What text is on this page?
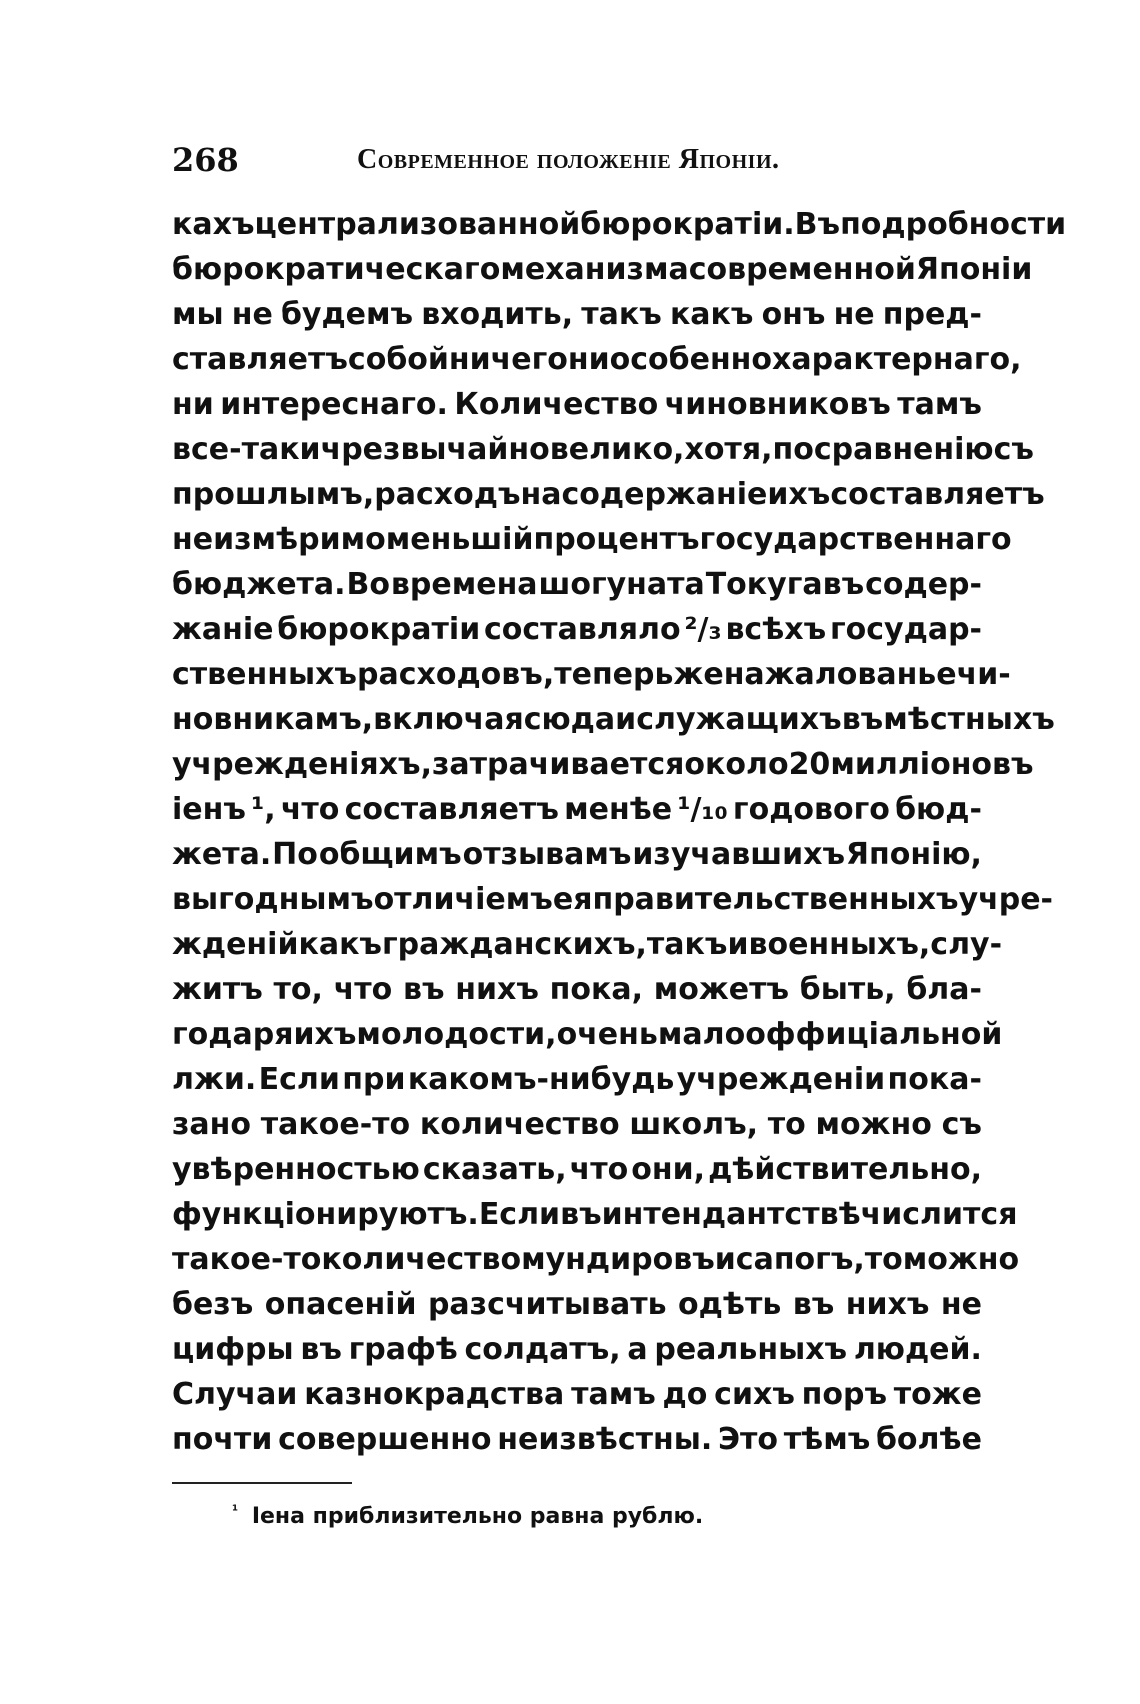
268	Современное положеніе Японіи.
кахъ централизованной бюрократіи. Въ подробности
бюрократическаго механизма современной Японіи
мы не будемъ входить, такъ какъ онъ не пред-
ставляетъ собой ничего ни особенно характернаго,
ни интереснаго. Количество чиновниковъ тамъ
все-таки чрезвычайно велико, хотя, по сравненію съ
прошлымъ, расходъ на содержаніе ихъ составляетъ
неизмѣримо меньшій процентъ государственнаго
бюджета. Во времена шогуната Токугавъ содер-
жаніе бюрократіи составляло ²/₃ всѣхъ государ-
ственныхъ расходовъ, теперь же на жалованье чи-
новникамъ, включая сюда и служащихъ въ мѣстныхъ
учрежденіяхъ, затрачивается около 20 милліоновъ
іенъ ¹, что составляетъ менѣе ¹/₁₀ годового бюд-
жета. По общимъ отзывамъ изучавшихъ Японію,
выгоднымъ отличіемъ ея правительственныхъ учре-
жденій какъ гражданскихъ, такъ и военныхъ, слу-
житъ то, что въ нихъ пока, можетъ быть, бла-
годаря ихъ молодости, очень мало оффиціальной
лжи. Если при какомъ-нибудь учрежденіи пока-
зано такое-то количество школъ, то можно съ
увѣренностью сказать, что они, дѣйствительно,
функціонируютъ. Если въ интендантствѣ числится
такое-то количество мундировъ и сапогъ, то можно
безъ опасеній разсчитывать одѣть въ нихъ не
цифры въ графѣ солдатъ, а реальныхъ людей.
Случаи казнокрадства тамъ до сихъ поръ тоже
почти совершенно неизвѣстны. Это тѣмъ болѣе
$^{^1}$ Іена приблизительно равна рублю.
